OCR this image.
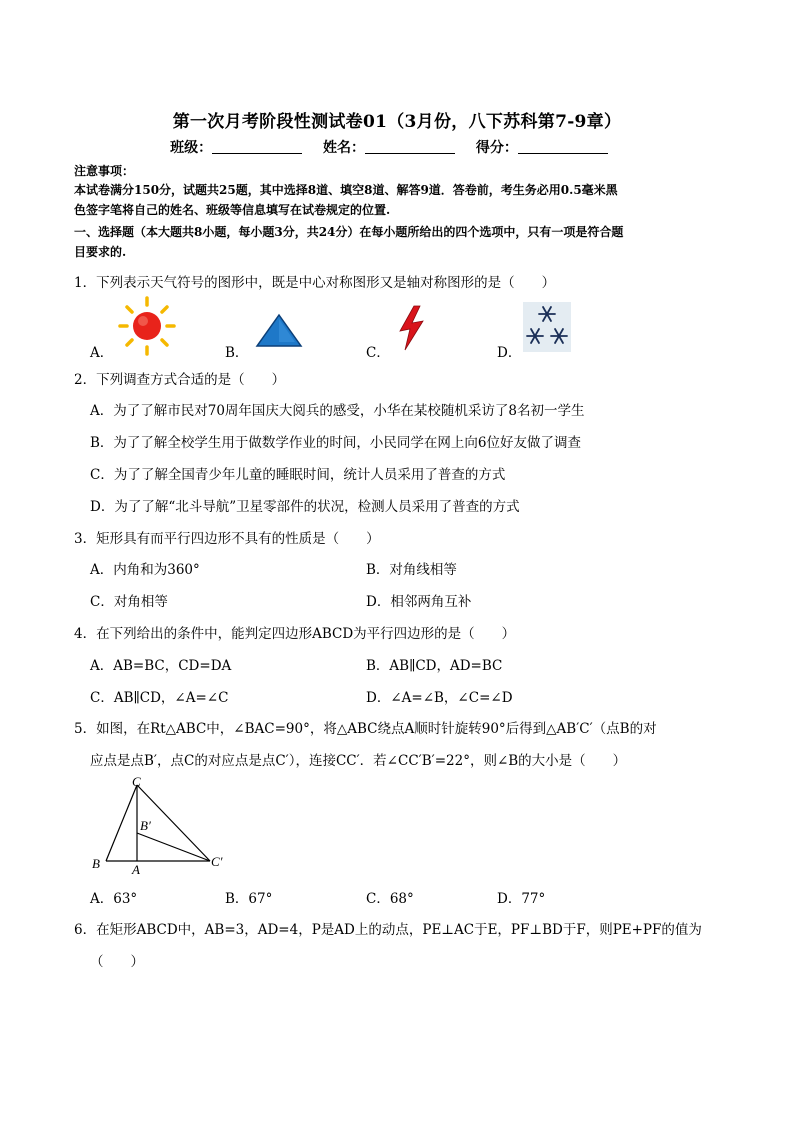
第一次月考阶段性测试卷01（3月份，八下苏科第7-9章）
班级：	姓名：	得分：
注意事项：
本试卷满分150分，试题共25题，其中选择8道、填空8道、解答9道．答卷前，考生务必用0.5毫米黑
色签字笔将自己的姓名、班级等信息填写在试卷规定的位置.
一、选择题（本大题共8小题，每小题3分，共24分）在每小题所给出的四个选项中，只有一项是符合题
目要求的.
1．下列表示天气符号的图形中，既是中心对称图形又是轴对称图形的是（　　）
A．	B．	C．	D．
2．下列调查方式合适的是（　　）
A．为了了解市民对70周年国庆大阅兵的感受，小华在某校随机采访了8名初一学生
B．为了了解全校学生用于做数学作业的时间，小民同学在网上向6位好友做了调查
C．为了了解全国青少年儿童的睡眠时间，统计人员采用了普查的方式
D．为了了解“北斗导航”卫星零部件的状况，检测人员采用了普查的方式
3．矩形具有而平行四边形不具有的性质是（　　）
A．内角和为360°	B．对角线相等
C．对角相等	D．相邻两角互补
4．在下列给出的条件中，能判定四边形ABCD为平行四边形的是（　　）
A．AB=BC，CD=DA	B．AB∥CD，AD=BC
C．AB∥CD，∠A=∠C	D．∠A=∠B，∠C=∠D
5．如图，在Rt△ABC中，∠BAC=90°，将△ABC绕点A顺时针旋转90°后得到△AB′C′（点B的对
应点是点B′，点C的对应点是点C′），连接CC′．若∠CC′B′=22°，则∠B的大小是（　　）
C
B′
B A
C′
A．63°	B．67°	C．68°	D．77°
6．在矩形ABCD中，AB=3，AD=4，P是AD上的动点，PE⊥AC于E，PF⊥BD于F，则PE+PF的值为
（　　）
